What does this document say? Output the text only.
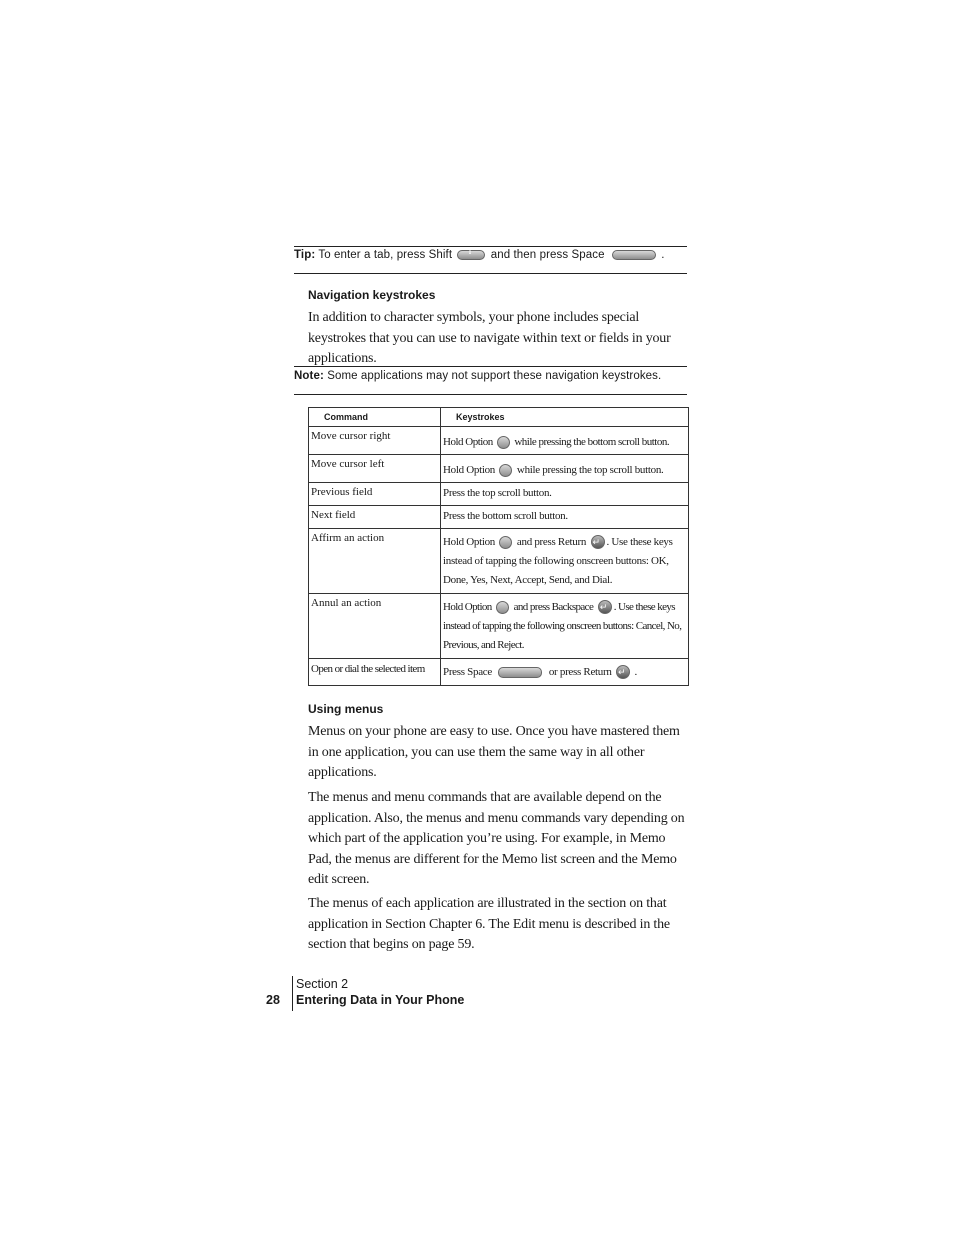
Tip: To enter a tab, press Shift ⇧	and then press Space	.
Navigation keystrokes
In addition to character symbols, your phone includes special keystrokes that you can use to navigate within text or fields in your applications.
Note: Some applications may not support these navigation keystrokes.
Command	Keystrokes
Move cursor right	Hold Option while pressing the bottom scroll button.
Move cursor left	Hold Option while pressing the top scroll button.
Previous field	Press the top scroll button.
Next field	Press the bottom scroll button.
Affirm an action	Hold Option and press Return ↵ . Use these keys instead of tapping the following onscreen buttons: OK, Done, Yes, Next, Accept, Send, and Dial.
Annul an action	Hold Option and press Backspace ↵ . Use these keys instead of tapping the following onscreen buttons: Cancel, No, Previous, and Reject.
Open or dial the selected item	Press Space or press Return ↵ .
Using menus
Menus on your phone are easy to use. Once you have mastered them in one application, you can use them the same way in all other applications.
The menus and menu commands that are available depend on the application. Also, the menus and menu commands vary depending on which part of the application you’re using. For example, in Memo Pad, the menus are different for the Memo list screen and the Memo edit screen.
The menus of each application are illustrated in the section on that application in Section Chapter 6. The Edit menu is described in the section that begins on page 59.
28
Section 2
Entering Data in Your Phone
